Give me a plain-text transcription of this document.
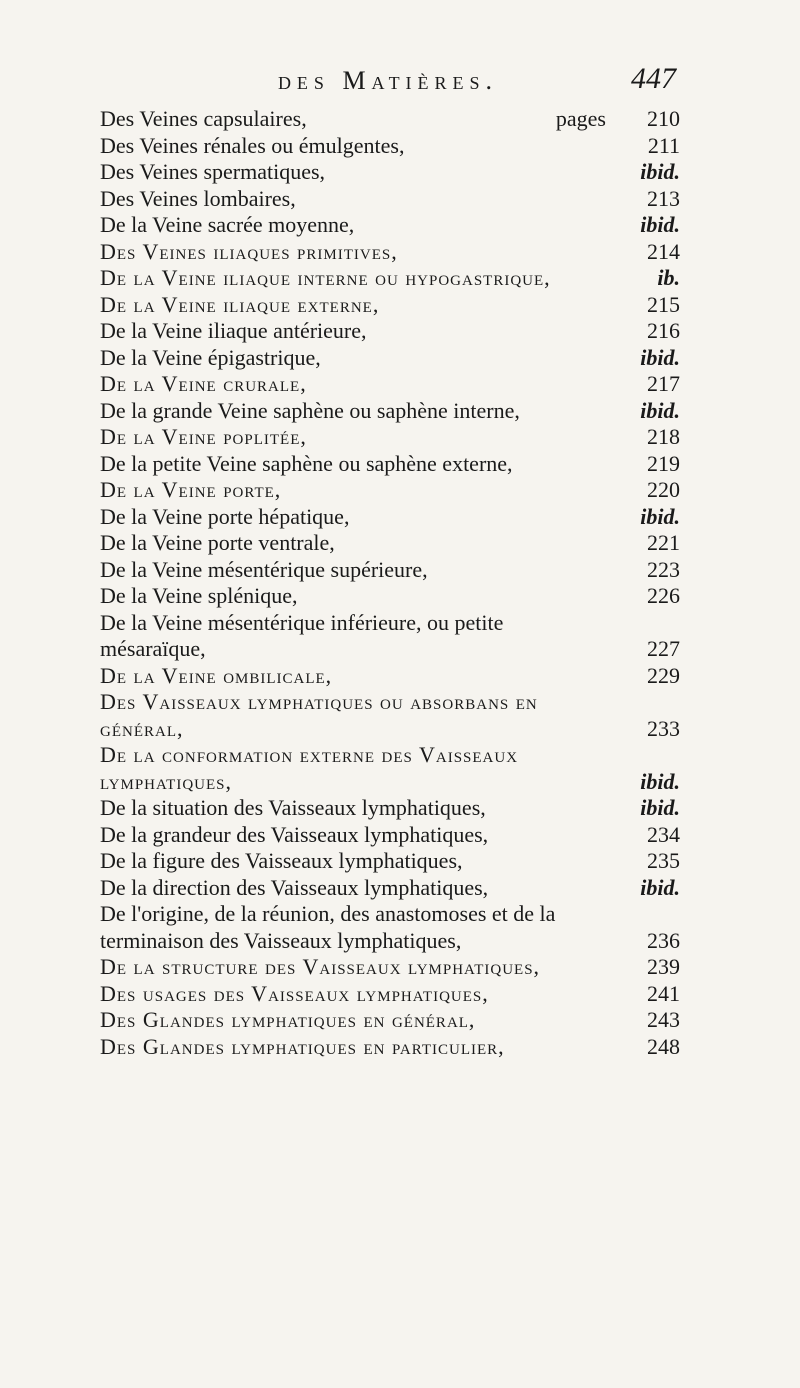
des Matières.	447
Des Veines capsulaires,	pages	210
Des Veines rénales ou émulgentes,	211
Des Veines spermatiques,	ibid.
Des Veines lombaires,	213
De la Veine sacrée moyenne,	ibid.
Des Veines iliaques primitives,	214
De la Veine iliaque interne ou hypogastrique,	ib.
De la Veine iliaque externe,	215
De la Veine iliaque antérieure,	216
De la Veine épigastrique,	ibid.
De la Veine crurale,	217
De la grande Veine saphène ou saphène interne,	ibid.
De la Veine poplitée,	218
De la petite Veine saphène ou saphène externe,	219
De la Veine porte,	220
De la Veine porte hépatique,	ibid.
De la Veine porte ventrale,	221
De la Veine mésentérique supérieure,	223
De la Veine splénique,	226
De la Veine mésentérique inférieure, ou petite mésaraïque,	227
De la Veine ombilicale,	229
Des Vaisseaux lymphatiques ou absorbans en général,	233
De la conformation externe des Vaisseaux lymphatiques,	ibid.
De la situation des Vaisseaux lymphatiques,	ibid.
De la grandeur des Vaisseaux lymphatiques,	234
De la figure des Vaisseaux lymphatiques,	235
De la direction des Vaisseaux lymphatiques,	ibid.
De l'origine, de la réunion, des anastomoses et de la terminaison des Vaisseaux lymphatiques,	236
De la structure des Vaisseaux lymphatiques,	239
Des usages des Vaisseaux lymphatiques,	241
Des Glandes lymphatiques en général,	243
Des Glandes lymphatiques en particulier,	248
